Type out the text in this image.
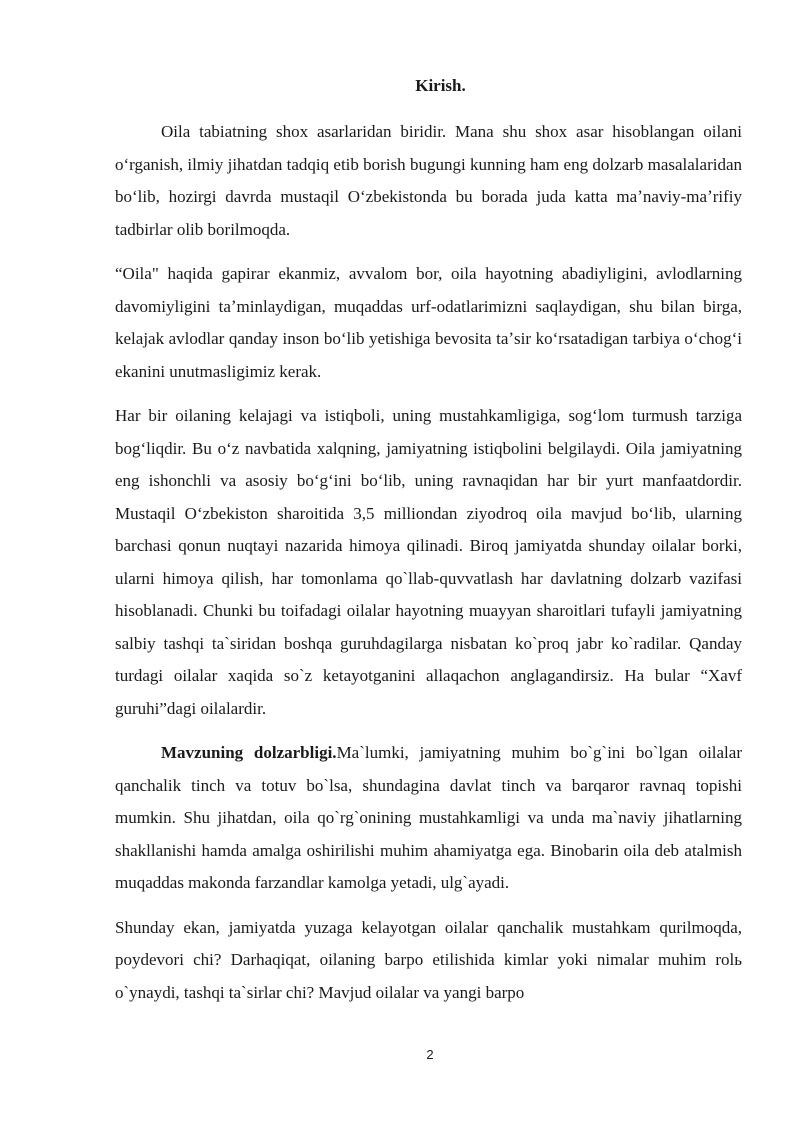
Kirish.

Oila tabiatning shox asarlaridan biridir. Mana shu shox asar hisoblangan oilani oʻrganish, ilmiy jihatdan tadqiq etib borish bugungi kunning ham eng dolzarb masalalaridan boʻlib, hozirgi davrda mustaqil Oʻzbekistonda bu borada juda katta maʼnaviy-maʼrifiy tadbirlar olib borilmoqda.

“Oila" haqida gapirar ekanmiz, avvalom bor, oila hayotning abadiyligini, avlodlarning davomiyligini taʼminlaydigan, muqaddas urf-odatlarimizni saqlaydigan, shu bilan birga, kelajak avlodlar qanday inson boʻlib yetishiga bevosita taʼsir koʻrsatadigan tarbiya oʻchogʻi ekanini unutmasligimiz kerak.

Har bir oilaning kelajagi va istiqboli, uning mustahkamligiga, sogʻlom turmush tarziga bogʻliqdir. Bu oʻz navbatida xalqning, jamiyatning istiqbolini belgilaydi. Oila jamiyatning eng ishonchli va asosiy boʻgʻini boʻlib, uning ravnaqidan har bir yurt manfaatdordir. Mustaqil Oʻzbekiston sharoitida 3,5 milliondan ziyodroq oila mavjud boʻlib, ularning barchasi qonun nuqtayi nazarida himoya qilinadi. Biroq jamiyatda shunday oilalar borki, ularni himoya qilish, har tomonlama qo`llab-quvvatlash har davlatning dolzarb vazifasi hisoblanadi. Chunki bu toifadagi oilalar hayotning muayyan sharoitlari tufayli jamiyatning salbiy tashqi ta`siridan boshqa guruhdagilarga nisbatan ko`proq jabr ko`radilar. Qanday turdagi oilalar xaqida so`z ketayotganini allaqachon anglagandirsiz. Ha bular “Xavf guruhi”dagi oilalardir.

Mavzuning dolzarbligi.Ma`lumki, jamiyatning muhim bo`g`ini bo`lgan oilalar qanchalik tinch va totuv bo`lsa, shundagina davlat tinch va barqaror ravnaq topishi mumkin. Shu jihatdan, oila qo`rg`onining mustahkamligi va unda ma`naviy jihatlarning shakllanishi hamda amalga oshirilishi muhim ahamiyatga ega. Binobarin oila deb atalmish muqaddas makonda farzandlar kamolga yetadi, ulg`ayadi.

Shunday ekan, jamiyatda yuzaga kelayotgan oilalar qanchalik mustahkam qurilmoqda, poydevori chi? Darhaqiqat, oilaning barpo etilishida kimlar yoki nimalar muhim rolь o`ynaydi, tashqi ta`sirlar chi? Mavjud oilalar va yangi barpo

2
